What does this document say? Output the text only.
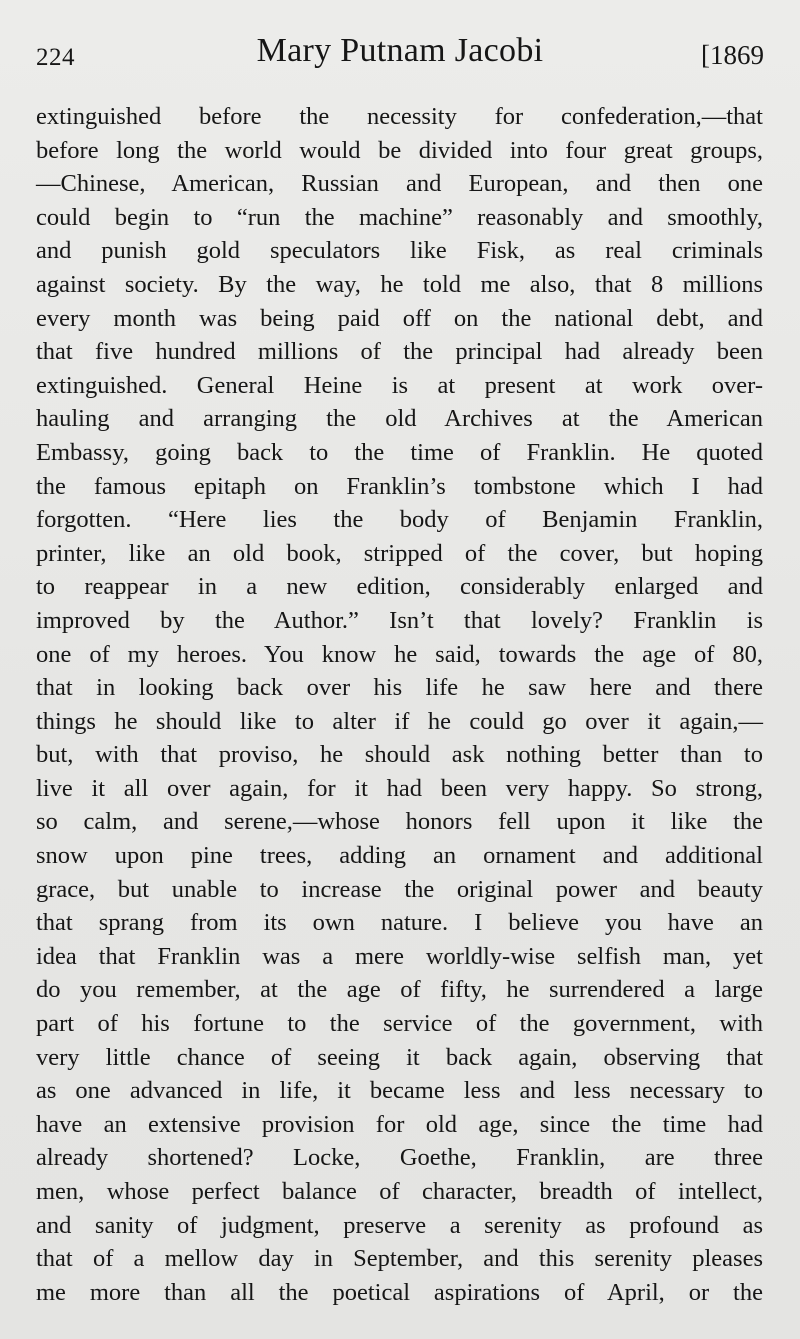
224	Mary Putnam Jacobi	[1869
extinguished before the necessity for confederation,—that
before long the world would be divided into four great groups,
—Chinese, American, Russian and European, and then one
could begin to “run the machine” reasonably and smoothly,
and punish gold speculators like Fisk, as real criminals
against society. By the way, he told me also, that 8 millions
every month was being paid off on the national debt, and
that five hundred millions of the principal had already been
extinguished. General Heine is at present at work over-
hauling and arranging the old Archives at the American
Embassy, going back to the time of Franklin. He quoted
the famous epitaph on Franklin’s tombstone which I had
forgotten. “Here lies the body of Benjamin Franklin,
printer, like an old book, stripped of the cover, but hoping
to reappear in a new edition, considerably enlarged and
improved by the Author.” Isn’t that lovely? Franklin is
one of my heroes. You know he said, towards the age of 80,
that in looking back over his life he saw here and there
things he should like to alter if he could go over it again,—
but, with that proviso, he should ask nothing better than to
live it all over again, for it had been very happy. So strong,
so calm, and serene,—whose honors fell upon it like the
snow upon pine trees, adding an ornament and additional
grace, but unable to increase the original power and beauty
that sprang from its own nature. I believe you have an
idea that Franklin was a mere worldly-wise selfish man, yet
do you remember, at the age of fifty, he surrendered a large
part of his fortune to the service of the government, with
very little chance of seeing it back again, observing that
as one advanced in life, it became less and less necessary to
have an extensive provision for old age, since the time had
already shortened? Locke, Goethe, Franklin, are three
men, whose perfect balance of character, breadth of intellect,
and sanity of judgment, preserve a serenity as profound as
that of a mellow day in September, and this serenity pleases
me more than all the poetical aspirations of April, or the
